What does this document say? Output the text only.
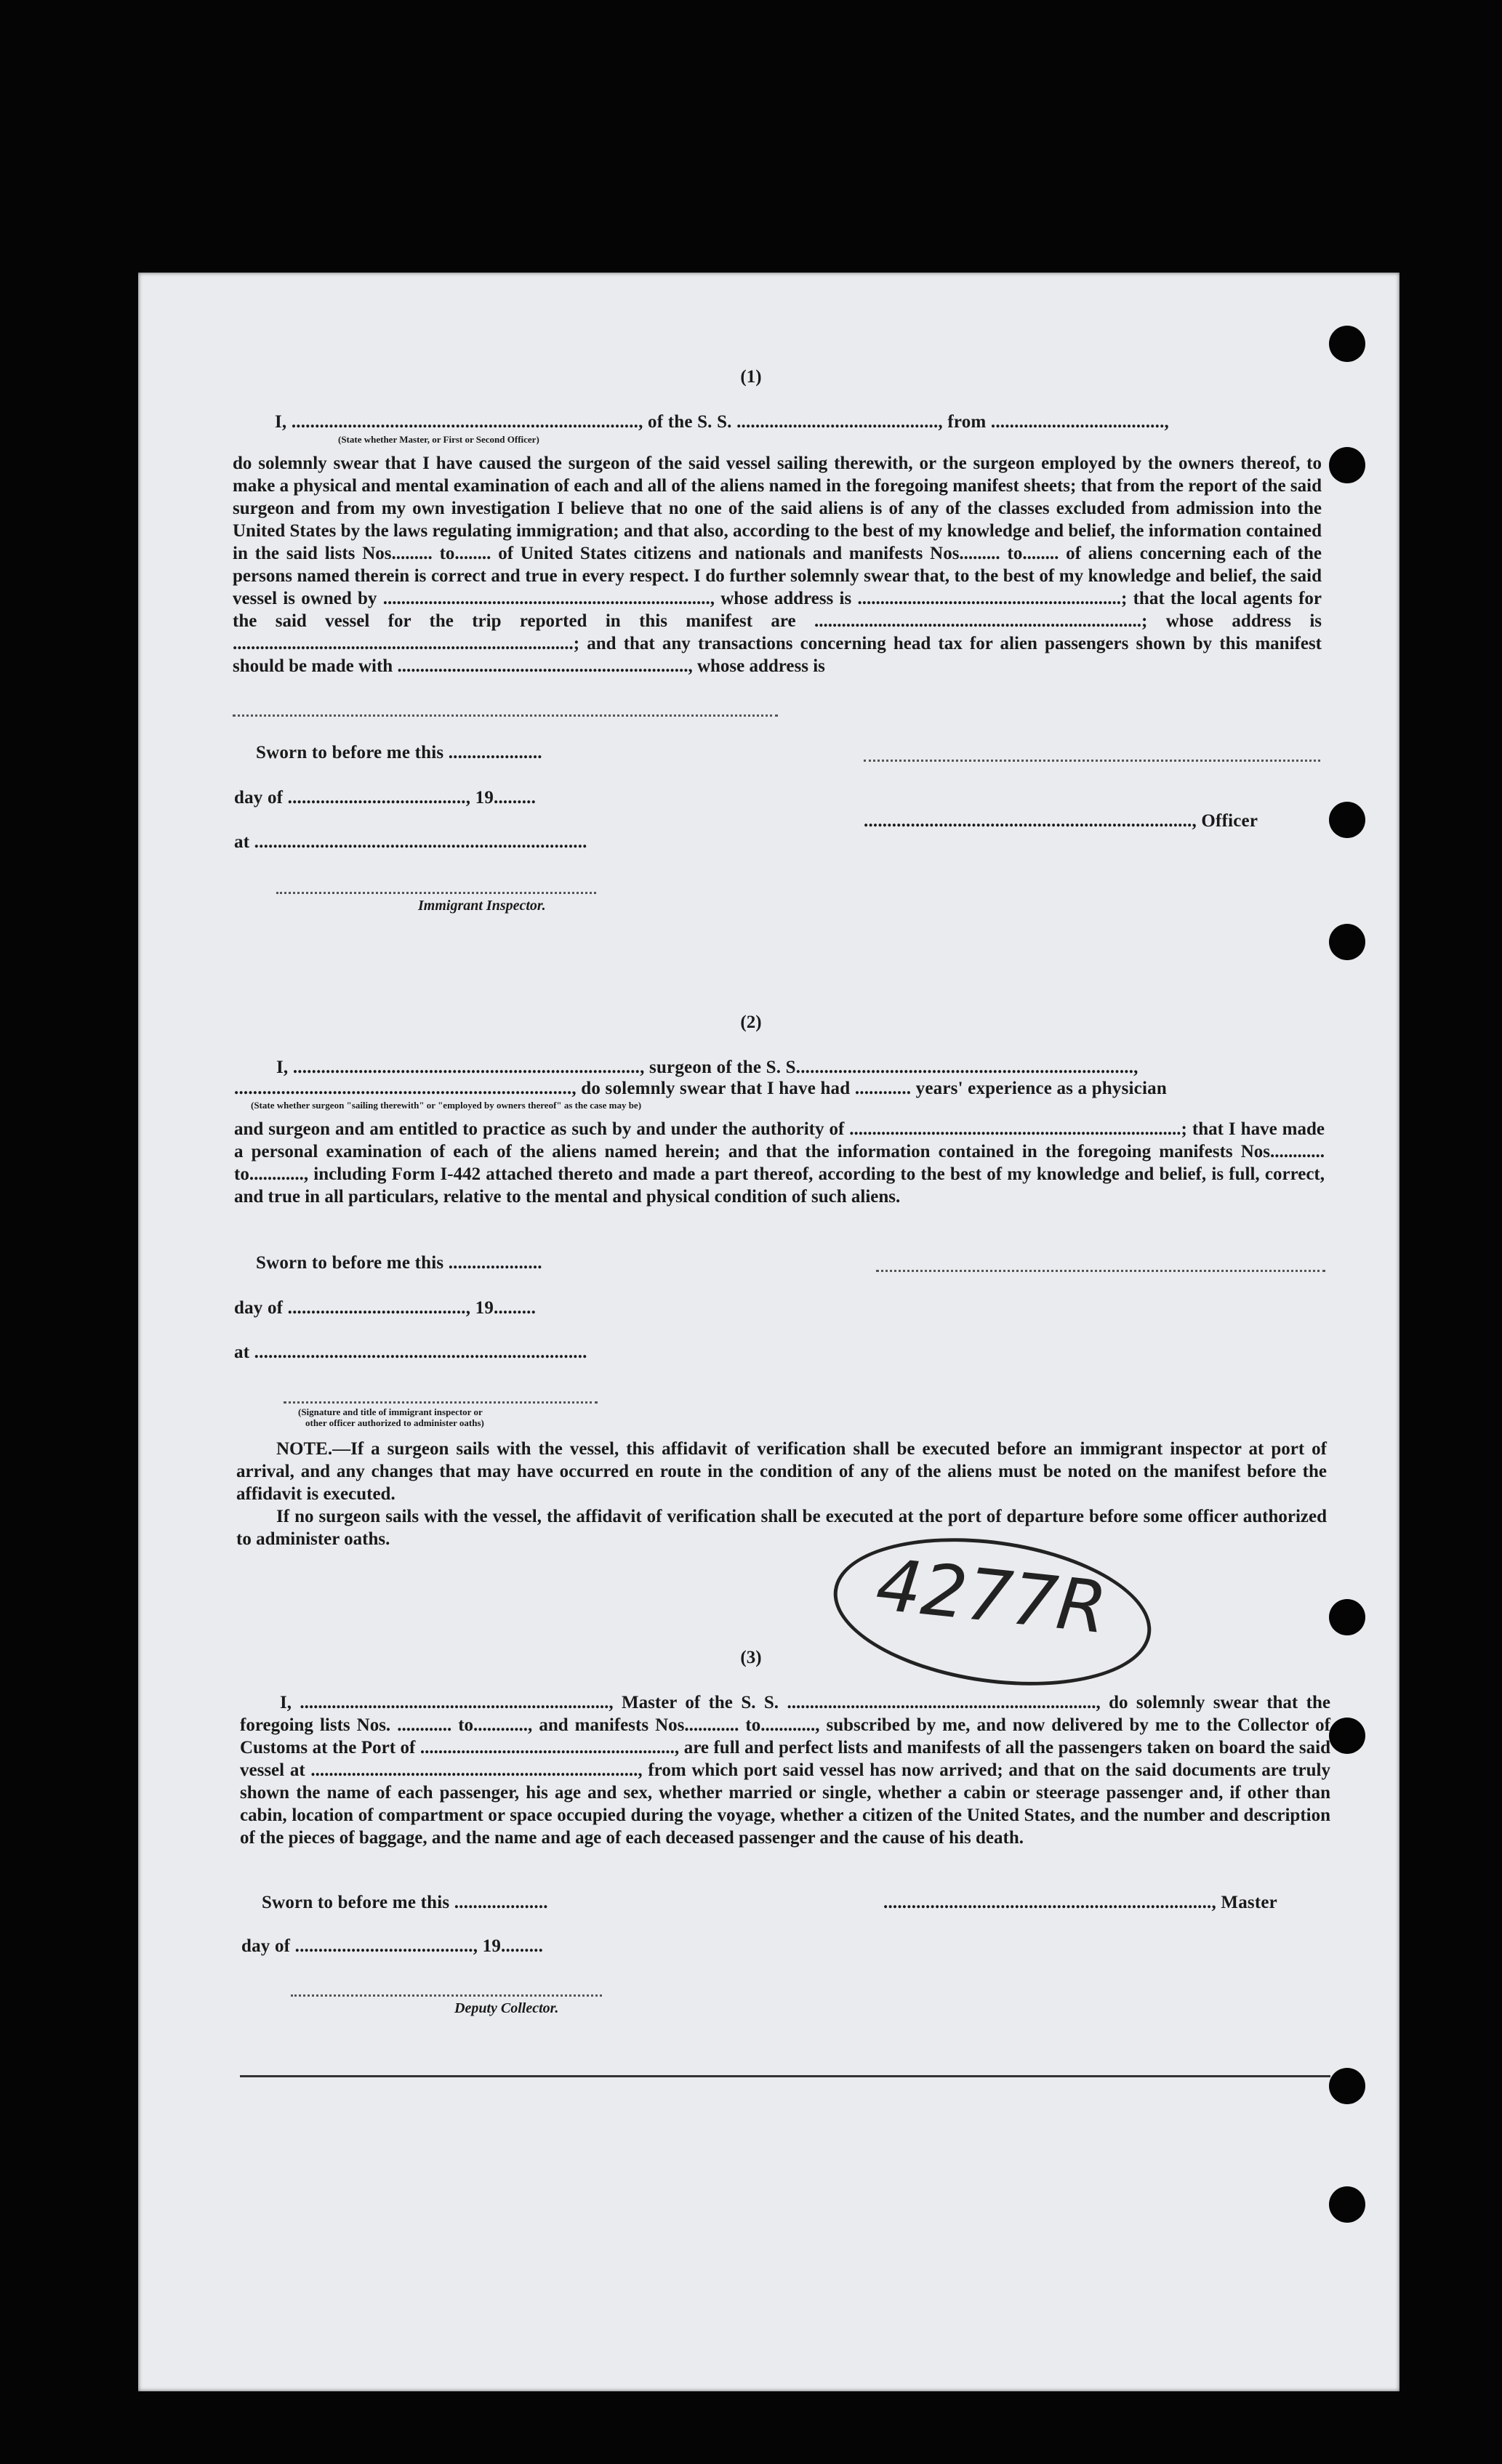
(1)
I, .........................................................................., of the S. S. ..........................................., from .....................................,
(State whether Master, or First or Second Officer)
do solemnly swear that I have caused the surgeon of the said vessel sailing therewith, or the surgeon employed by the owners thereof, to make a physical and mental examination of each and all of the aliens named in the foregoing manifest sheets; that from the report of the said surgeon and from my own investigation I believe that no one of the said aliens is of any of the classes excluded from admission into the United States by the laws regulating immigration; and that also, according to the best of my knowledge and belief, the information contained in the said lists Nos......... to........ of United States citizens and nationals and manifests Nos......... to........ of aliens concerning each of the persons named therein is correct and true in every respect. I do further solemnly swear that, to the best of my knowledge and belief, the said vessel is owned by ........................................................................, whose address is ..........................................................; that the local agents for the said vessel for the trip reported in this manifest are ........................................................................; whose address is ...........................................................................; and that any transactions concerning head tax for alien passengers shown by this manifest should be made with ................................................................, whose address is
Sworn to before me this ....................
day of ......................................, 19.........
......................................................................, Officer
at .......................................................................
Immigrant Inspector.
(2)
I, .........................................................................., surgeon of the S. S........................................................................,
........................................................................, do solemnly swear that I have had ............ years' experience as a physician
(State whether surgeon "sailing therewith" or "employed by owners thereof" as the case may be)
and surgeon and am entitled to practice as such by and under the authority of .........................................................................; that I have made a personal examination of each of the aliens named herein; and that the information contained in the foregoing manifests Nos............ to............, including Form I-442 attached thereto and made a part thereof, according to the best of my knowledge and belief, is full, correct, and true in all particulars, relative to the mental and physical condition of such aliens.
Sworn to before me this ....................
day of ......................................, 19.........
at .......................................................................
(Signature and title of immigrant inspector or
other officer authorized to administer oaths)
NOTE.—If a surgeon sails with the vessel, this affidavit of verification shall be executed before an immigrant inspector at port of arrival, and any changes that may have occurred en route in the condition of any of the aliens must be noted on the manifest before the affidavit is executed.
If no surgeon sails with the vessel, the affidavit of verification shall be executed at the port of departure before some officer authorized to administer oaths.
4277R
(3)
I, ...................................................................., Master of the S. S. ...................................................................., do solemnly swear that the foregoing lists Nos. ............ to............, and manifests Nos............ to............, subscribed by me, and now delivered by me to the Collector of Customs at the Port of ........................................................, are full and perfect lists and manifests of all the passengers taken on board the said vessel at ........................................................................, from which port said vessel has now arrived; and that on the said documents are truly shown the name of each passenger, his age and sex, whether married or single, whether a cabin or steerage passenger and, if other than cabin, location of compartment or space occupied during the voyage, whether a citizen of the United States, and the number and description of the pieces of baggage, and the name and age of each deceased passenger and the cause of his death.
Sworn to before me this ....................	......................................................................, Master
day of ......................................, 19.........
Deputy Collector.
